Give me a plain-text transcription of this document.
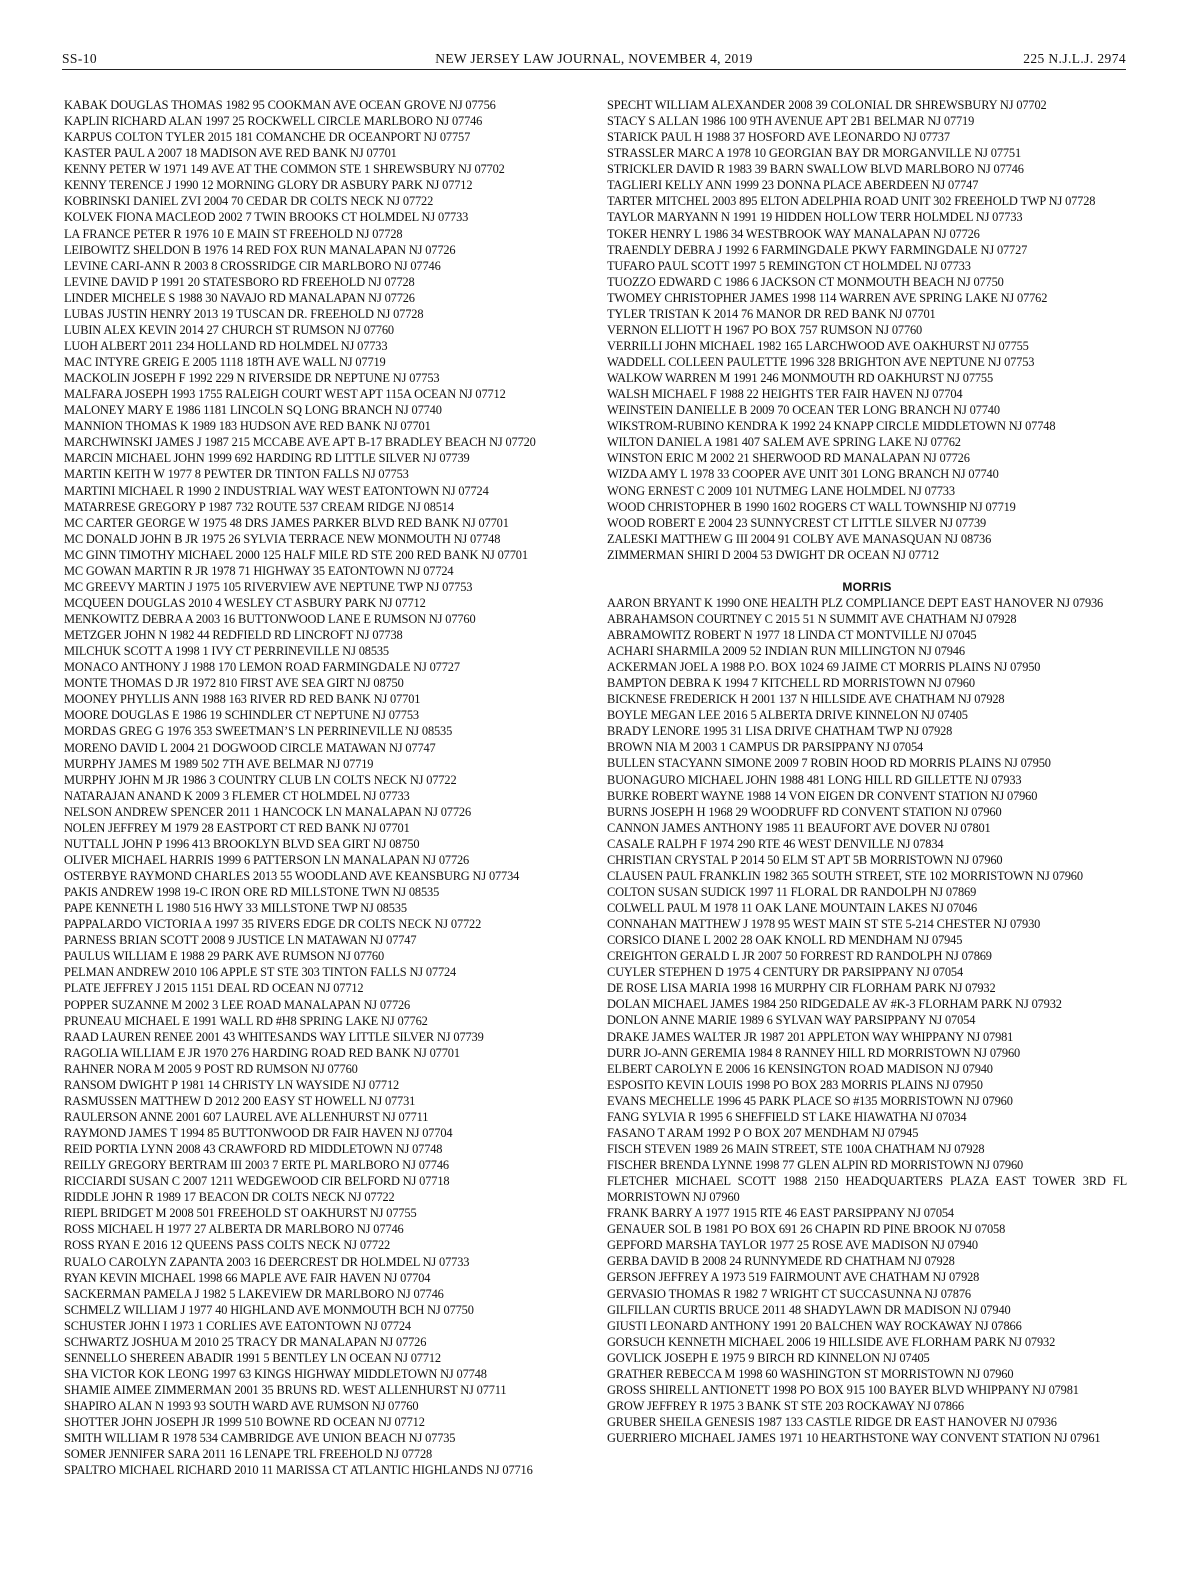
SS-10	NEW JERSEY LAW JOURNAL, NOVEMBER 4, 2019	225 N.J.L.J. 2974

KABAK DOUGLAS THOMAS 1982 95 COOKMAN AVE OCEAN GROVE NJ 07756

KAPLIN RICHARD ALAN 1997 25 ROCKWELL CIRCLE MARLBORO NJ 07746

KARPUS COLTON TYLER 2015 181 COMANCHE DR OCEANPORT NJ 07757

KASTER PAUL A 2007 18 MADISON AVE RED BANK NJ 07701

KENNY PETER W 1971 149 AVE AT THE COMMON STE 1 SHREWSBURY NJ 07702

KENNY TERENCE J 1990 12 MORNING GLORY DR ASBURY PARK NJ 07712

KOBRINSKI DANIEL ZVI 2004 70 CEDAR DR COLTS NECK NJ 07722

KOLVEK FIONA MACLEOD 2002 7 TWIN BROOKS CT HOLMDEL NJ 07733

LA FRANCE PETER R 1976 10 E MAIN ST FREEHOLD NJ 07728

LEIBOWITZ SHELDON B 1976 14 RED FOX RUN MANALAPAN NJ 07726

LEVINE CARI-ANN R 2003 8 CROSSRIDGE CIR MARLBORO NJ 07746

LEVINE DAVID P 1991 20 STATESBORO RD FREEHOLD NJ 07728

LINDER MICHELE S 1988 30 NAVAJO RD MANALAPAN NJ 07726

LUBAS JUSTIN HENRY 2013 19 TUSCAN DR. FREEHOLD NJ 07728

LUBIN ALEX KEVIN 2014 27 CHURCH ST RUMSON NJ 07760

LUOH ALBERT 2011 234 HOLLAND RD HOLMDEL NJ 07733

MAC INTYRE GREIG E 2005 1118 18TH AVE WALL NJ 07719

MACKOLIN JOSEPH F 1992 229 N RIVERSIDE DR NEPTUNE NJ 07753

MALFARA JOSEPH 1993 1755 RALEIGH COURT WEST APT 115A OCEAN NJ 07712

MALONEY MARY E 1986 1181 LINCOLN SQ LONG BRANCH NJ 07740

MANNION THOMAS K 1989 183 HUDSON AVE RED BANK NJ 07701

MARCHWINSKI JAMES J 1987 215 MCCABE AVE APT B-17 BRADLEY BEACH NJ 07720

MARCIN MICHAEL JOHN 1999 692 HARDING RD LITTLE SILVER NJ 07739

MARTIN KEITH W 1977 8 PEWTER DR TINTON FALLS NJ 07753

MARTINI MICHAEL R 1990 2 INDUSTRIAL WAY WEST EATONTOWN NJ 07724

MATARRESE GREGORY P 1987 732 ROUTE 537 CREAM RIDGE NJ 08514

MC CARTER GEORGE W 1975 48 DRS JAMES PARKER BLVD RED BANK NJ 07701

MC DONALD JOHN B JR 1975 26 SYLVIA TERRACE NEW MONMOUTH NJ 07748

MC GINN TIMOTHY MICHAEL 2000 125 HALF MILE RD STE 200 RED BANK NJ 07701

MC GOWAN MARTIN R JR 1978 71 HIGHWAY 35 EATONTOWN NJ 07724

MC GREEVY MARTIN J 1975 105 RIVERVIEW AVE NEPTUNE TWP NJ 07753

MCQUEEN DOUGLAS 2010 4 WESLEY CT ASBURY PARK NJ 07712

MENKOWITZ DEBRA A 2003 16 BUTTONWOOD LANE E RUMSON NJ 07760

METZGER JOHN N 1982 44 REDFIELD RD LINCROFT NJ 07738

MILCHUK SCOTT A 1998 1 IVY CT PERRINEVILLE NJ 08535

MONACO ANTHONY J 1988 170 LEMON ROAD FARMINGDALE NJ 07727

MONTE THOMAS D JR 1972 810 FIRST AVE SEA GIRT NJ 08750

MOONEY PHYLLIS ANN 1988 163 RIVER RD RED BANK NJ 07701

MOORE DOUGLAS E 1986 19 SCHINDLER CT NEPTUNE NJ 07753

MORDAS GREG G 1976 353 SWEETMAN’S LN PERRINEVILLE NJ 08535

MORENO DAVID L 2004 21 DOGWOOD CIRCLE MATAWAN NJ 07747

MURPHY JAMES M 1989 502 7TH AVE BELMAR NJ 07719

MURPHY JOHN M JR 1986 3 COUNTRY CLUB LN COLTS NECK NJ 07722

NATARAJAN ANAND K 2009 3 FLEMER CT HOLMDEL NJ 07733

NELSON ANDREW SPENCER 2011 1 HANCOCK LN MANALAPAN NJ 07726

NOLEN JEFFREY M 1979 28 EASTPORT CT RED BANK NJ 07701

NUTTALL JOHN P 1996 413 BROOKLYN BLVD SEA GIRT NJ 08750

OLIVER MICHAEL HARRIS 1999 6 PATTERSON LN MANALAPAN NJ 07726

OSTERBYE RAYMOND CHARLES 2013 55 WOODLAND AVE KEANSBURG NJ 07734

PAKIS ANDREW 1998 19-C IRON ORE RD MILLSTONE TWN NJ 08535

PAPE KENNETH L 1980 516 HWY 33 MILLSTONE TWP NJ 08535

PAPPALARDO VICTORIA A 1997 35 RIVERS EDGE DR COLTS NECK NJ 07722

PARNESS BRIAN SCOTT 2008 9 JUSTICE LN MATAWAN NJ 07747

PAULUS WILLIAM E 1988 29 PARK AVE RUMSON NJ 07760

PELMAN ANDREW 2010 106 APPLE ST STE 303 TINTON FALLS NJ 07724

PLATE JEFFREY J 2015 1151 DEAL RD OCEAN NJ 07712

POPPER SUZANNE M 2002 3 LEE ROAD MANALAPAN NJ 07726

PRUNEAU MICHAEL E 1991 WALL RD #H8 SPRING LAKE NJ 07762

RAAD LAUREN RENEE 2001 43 WHITESANDS WAY LITTLE SILVER NJ 07739

RAGOLIA WILLIAM E JR 1970 276 HARDING ROAD RED BANK NJ 07701

RAHNER NORA M 2005 9 POST RD RUMSON NJ 07760

RANSOM DWIGHT P 1981 14 CHRISTY LN WAYSIDE NJ 07712

RASMUSSEN MATTHEW D 2012 200 EASY ST HOWELL NJ 07731

RAULERSON ANNE 2001 607 LAUREL AVE ALLENHURST NJ 07711

RAYMOND JAMES T 1994 85 BUTTONWOOD DR FAIR HAVEN NJ 07704

REID PORTIA LYNN 2008 43 CRAWFORD RD MIDDLETOWN NJ 07748

REILLY GREGORY BERTRAM III 2003 7 ERTE PL MARLBORO NJ 07746

RICCIARDI SUSAN C 2007 1211 WEDGEWOOD CIR BELFORD NJ 07718

RIDDLE JOHN R 1989 17 BEACON DR COLTS NECK NJ 07722

RIEPL BRIDGET M 2008 501 FREEHOLD ST OAKHURST NJ 07755

ROSS MICHAEL H 1977 27 ALBERTA DR MARLBORO NJ 07746

ROSS RYAN E 2016 12 QUEENS PASS COLTS NECK NJ 07722

RUALO CAROLYN ZAPANTA 2003 16 DEERCREST DR HOLMDEL NJ 07733

RYAN KEVIN MICHAEL 1998 66 MAPLE AVE FAIR HAVEN NJ 07704

SACKERMAN PAMELA J 1982 5 LAKEVIEW DR MARLBORO NJ 07746

SCHMELZ WILLIAM J 1977 40 HIGHLAND AVE MONMOUTH BCH NJ 07750

SCHUSTER JOHN I 1973 1 CORLIES AVE EATONTOWN NJ 07724

SCHWARTZ JOSHUA M 2010 25 TRACY DR MANALAPAN NJ 07726

SENNELLO SHEREEN ABADIR 1991 5 BENTLEY LN OCEAN NJ 07712

SHA VICTOR KOK LEONG 1997 63 KINGS HIGHWAY MIDDLETOWN NJ 07748

SHAMIE AIMEE ZIMMERMAN 2001 35 BRUNS RD. WEST ALLENHURST NJ 07711

SHAPIRO ALAN N 1993 93 SOUTH WARD AVE RUMSON NJ 07760

SHOTTER JOHN JOSEPH JR 1999 510 BOWNE RD OCEAN NJ 07712

SMITH WILLIAM R 1978 534 CAMBRIDGE AVE UNION BEACH NJ 07735

SOMER JENNIFER SARA 2011 16 LENAPE TRL FREEHOLD NJ 07728

SPALTRO MICHAEL RICHARD 2010 11 MARISSA CT ATLANTIC HIGHLANDS NJ 07716

SPECHT WILLIAM ALEXANDER 2008 39 COLONIAL DR SHREWSBURY NJ 07702

STACY S ALLAN 1986 100 9TH AVENUE APT 2B1 BELMAR NJ 07719

STARICK PAUL H 1988 37 HOSFORD AVE LEONARDO NJ 07737

STRASSLER MARC A 1978 10 GEORGIAN BAY DR MORGANVILLE NJ 07751

STRICKLER DAVID R 1983 39 BARN SWALLOW BLVD MARLBORO NJ 07746

TAGLIERI KELLY ANN 1999 23 DONNA PLACE ABERDEEN NJ 07747

TARTER MITCHEL 2003 895 ELTON ADELPHIA ROAD UNIT 302 FREEHOLD TWP NJ 07728

TAYLOR MARYANN N 1991 19 HIDDEN HOLLOW TERR HOLMDEL NJ 07733

TOKER HENRY L 1986 34 WESTBROOK WAY MANALAPAN NJ 07726

TRAENDLY DEBRA J 1992 6 FARMINGDALE PKWY FARMINGDALE NJ 07727

TUFARO PAUL SCOTT 1997 5 REMINGTON CT HOLMDEL NJ 07733

TUOZZO EDWARD C 1986 6 JACKSON CT MONMOUTH BEACH NJ 07750

TWOMEY CHRISTOPHER JAMES 1998 114 WARREN AVE SPRING LAKE NJ 07762

TYLER TRISTAN K 2014 76 MANOR DR RED BANK NJ 07701

VERNON ELLIOTT H 1967 PO BOX 757 RUMSON NJ 07760

VERRILLI JOHN MICHAEL 1982 165 LARCHWOOD AVE OAKHURST NJ 07755

WADDELL COLLEEN PAULETTE 1996 328 BRIGHTON AVE NEPTUNE NJ 07753

WALKOW WARREN M 1991 246 MONMOUTH RD OAKHURST NJ 07755

WALSH MICHAEL F 1988 22 HEIGHTS TER FAIR HAVEN NJ 07704

WEINSTEIN DANIELLE B 2009 70 OCEAN TER LONG BRANCH NJ 07740

WIKSTROM-RUBINO KENDRA K 1992 24 KNAPP CIRCLE MIDDLETOWN NJ 07748

WILTON DANIEL A 1981 407 SALEM AVE SPRING LAKE NJ 07762

WINSTON ERIC M 2002 21 SHERWOOD RD MANALAPAN NJ 07726

WIZDA AMY L 1978 33 COOPER AVE UNIT 301 LONG BRANCH NJ 07740

WONG ERNEST C 2009 101 NUTMEG LANE HOLMDEL NJ 07733

WOOD CHRISTOPHER B 1990 1602 ROGERS CT WALL TOWNSHIP NJ 07719

WOOD ROBERT E 2004 23 SUNNYCREST CT LITTLE SILVER NJ 07739

ZALESKI MATTHEW G III 2004 91 COLBY AVE MANASQUAN NJ 08736

ZIMMERMAN SHIRI D 2004 53 DWIGHT DR OCEAN NJ 07712

MORRIS

AARON BRYANT K 1990 ONE HEALTH PLZ COMPLIANCE DEPT EAST HANOVER NJ 07936

ABRAHAMSON COURTNEY C 2015 51 N SUMMIT AVE CHATHAM NJ 07928

ABRAMOWITZ ROBERT N 1977 18 LINDA CT MONTVILLE NJ 07045

ACHARI SHARMILA 2009 52 INDIAN RUN MILLINGTON NJ 07946

ACKERMAN JOEL A 1988 P.O. BOX 1024 69 JAIME CT MORRIS PLAINS NJ 07950

BAMPTON DEBRA K 1994 7 KITCHELL RD MORRISTOWN NJ 07960

BICKNESE FREDERICK H 2001 137 N HILLSIDE AVE CHATHAM NJ 07928

BOYLE MEGAN LEE 2016 5 ALBERTA DRIVE KINNELON NJ 07405

BRADY LENORE 1995 31 LISA DRIVE CHATHAM TWP NJ 07928

BROWN NIA M 2003 1 CAMPUS DR PARSIPPANY NJ 07054

BULLEN STACYANN SIMONE 2009 7 ROBIN HOOD RD MORRIS PLAINS NJ 07950

BUONAGURO MICHAEL JOHN 1988 481 LONG HILL RD GILLETTE NJ 07933

BURKE ROBERT WAYNE 1988 14 VON EIGEN DR CONVENT STATION NJ 07960

BURNS JOSEPH H 1968 29 WOODRUFF RD CONVENT STATION NJ 07960

CANNON JAMES ANTHONY 1985 11 BEAUFORT AVE DOVER NJ 07801

CASALE RALPH F 1974 290 RTE 46 WEST DENVILLE NJ 07834

CHRISTIAN CRYSTAL P 2014 50 ELM ST APT 5B MORRISTOWN NJ 07960

CLAUSEN PAUL FRANKLIN 1982 365 SOUTH STREET, STE 102 MORRISTOWN NJ 07960

COLTON SUSAN SUDICK 1997 11 FLORAL DR RANDOLPH NJ 07869

COLWELL PAUL M 1978 11 OAK LANE MOUNTAIN LAKES NJ 07046

CONNAHAN MATTHEW J 1978 95 WEST MAIN ST STE 5-214 CHESTER NJ 07930

CORSICO DIANE L 2002 28 OAK KNOLL RD MENDHAM NJ 07945

CREIGHTON GERALD L JR 2007 50 FORREST RD RANDOLPH NJ 07869

CUYLER STEPHEN D 1975 4 CENTURY DR PARSIPPANY NJ 07054

DE ROSE LISA MARIA 1998 16 MURPHY CIR FLORHAM PARK NJ 07932

DOLAN MICHAEL JAMES 1984 250 RIDGEDALE AV #K-3 FLORHAM PARK NJ 07932

DONLON ANNE MARIE 1989 6 SYLVAN WAY PARSIPPANY NJ 07054

DRAKE JAMES WALTER JR 1987 201 APPLETON WAY WHIPPANY NJ 07981

DURR JO-ANN GEREMIA 1984 8 RANNEY HILL RD MORRISTOWN NJ 07960

ELBERT CAROLYN E 2006 16 KENSINGTON ROAD MADISON NJ 07940

ESPOSITO KEVIN LOUIS 1998 PO BOX 283 MORRIS PLAINS NJ 07950

EVANS MECHELLE 1996 45 PARK PLACE SO #135 MORRISTOWN NJ 07960

FANG SYLVIA R 1995 6 SHEFFIELD ST LAKE HIAWATHA NJ 07034

FASANO T ARAM 1992 P O BOX 207 MENDHAM NJ 07945

FISCH STEVEN 1989 26 MAIN STREET, STE 100A CHATHAM NJ 07928

FISCHER BRENDA LYNNE 1998 77 GLEN ALPIN RD MORRISTOWN NJ 07960

FLETCHER MICHAEL SCOTT 1988 2150 HEADQUARTERS PLAZA EAST TOWER 3RD FL MORRISTOWN NJ 07960

FRANK BARRY A 1977 1915 RTE 46 EAST PARSIPPANY NJ 07054

GENAUER SOL B 1981 PO BOX 691 26 CHAPIN RD PINE BROOK NJ 07058

GEPFORD MARSHA TAYLOR 1977 25 ROSE AVE MADISON NJ 07940

GERBA DAVID B 2008 24 RUNNYMEDE RD CHATHAM NJ 07928

GERSON JEFFREY A 1973 519 FAIRMOUNT AVE CHATHAM NJ 07928

GERVASIO THOMAS R 1982 7 WRIGHT CT SUCCASUNNA NJ 07876

GILFILLAN CURTIS BRUCE 2011 48 SHADYLAWN DR MADISON NJ 07940

GIUSTI LEONARD ANTHONY 1991 20 BALCHEN WAY ROCKAWAY NJ 07866

GORSUCH KENNETH MICHAEL 2006 19 HILLSIDE AVE FLORHAM PARK NJ 07932

GOVLICK JOSEPH E 1975 9 BIRCH RD KINNELON NJ 07405

GRATHER REBECCA M 1998 60 WASHINGTON ST MORRISTOWN NJ 07960

GROSS SHIRELL ANTIONETT 1998 PO BOX 915 100 BAYER BLVD WHIPPANY NJ 07981

GROW JEFFREY R 1975 3 BANK ST STE 203 ROCKAWAY NJ 07866

GRUBER SHEILA GENESIS 1987 133 CASTLE RIDGE DR EAST HANOVER NJ 07936

GUERRIERO MICHAEL JAMES 1971 10 HEARTHSTONE WAY CONVENT STATION NJ 07961
